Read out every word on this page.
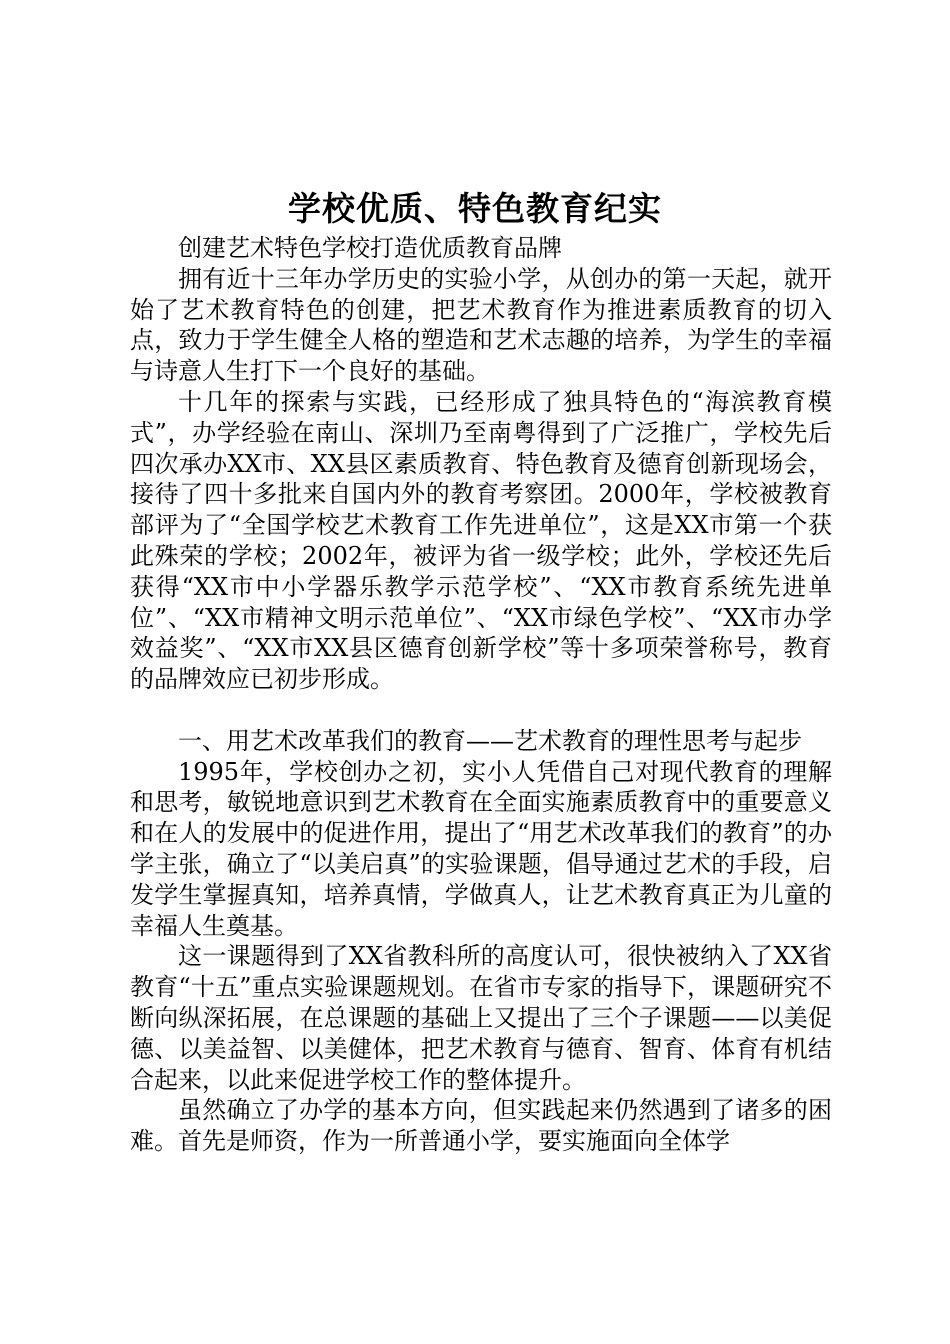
学校优质、特色教育纪实

创建艺术特色学校打造优质教育品牌

拥有近十三年办学历史的实验小学，从创办的第一天起，就开始了艺术教育特色的创建，把艺术教育作为推进素质教育的切入点，致力于学生健全人格的塑造和艺术志趣的培养，为学生的幸福与诗意人生打下一个良好的基础。

十几年的探索与实践，已经形成了独具特色的“海滨教育模式”，办学经验在南山、深圳乃至南粤得到了广泛推广，学校先后四次承办XX市、XX县区素质教育、特色教育及德育创新现场会，接待了四十多批来自国内外的教育考察团。2000年，学校被教育部评为了“全国学校艺术教育工作先进单位”，这是XX市第一个获此殊荣的学校；2002年，被评为省一级学校；此外，学校还先后获得“XX市中小学器乐教学示范学校”、“XX市教育系统先进单位”、“XX市精神文明示范单位”、“XX市绿色学校”、“XX市办学效益奖”、“XX市XX县区德育创新学校”等十多项荣誉称号，教育的品牌效应已初步形成。

一、用艺术改革我们的教育——艺术教育的理性思考与起步

1995年，学校创办之初，实小人凭借自己对现代教育的理解和思考，敏锐地意识到艺术教育在全面实施素质教育中的重要意义和在人的发展中的促进作用，提出了“用艺术改革我们的教育”的办学主张，确立了“以美启真”的实验课题，倡导通过艺术的手段，启发学生掌握真知，培养真情，学做真人，让艺术教育真正为儿童的幸福人生奠基。

这一课题得到了XX省教科所的高度认可，很快被纳入了XX省教育“十五”重点实验课题规划。在省市专家的指导下，课题研究不断向纵深拓展，在总课题的基础上又提出了三个子课题——以美促德、以美益智、以美健体，把艺术教育与德育、智育、体育有机结合起来，以此来促进学校工作的整体提升。

虽然确立了办学的基本方向，但实践起来仍然遇到了诸多的困难。首先是师资，作为一所普通小学，要实施面向全体学
